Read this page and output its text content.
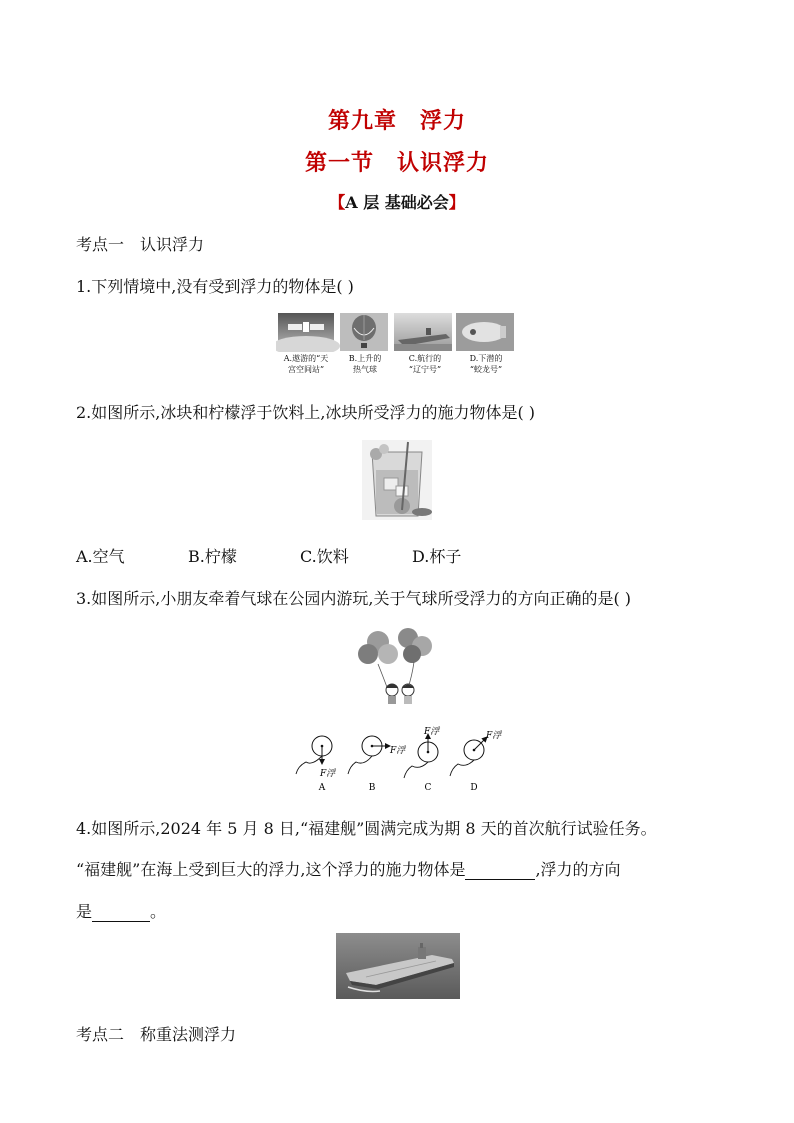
第九章　浮力
第一节　认识浮力
【A 层 基础必会】
考点一　认识浮力
1.下列情境中,没有受到浮力的物体是( )
A.遨游的“天
宫空间站”
B.上升的
热气球
C.航行的
“辽宁号”
D.下潜的
“蛟龙号”
2.如图所示,冰块和柠檬浮于饮料上,冰块所受浮力的施力物体是( )
A.空气	B.柠檬	C.饮料	D.杯子
3.如图所示,小朋友牵着气球在公园内游玩,关于气球所受浮力的方向正确的是( )
F浮
A
F浮
B
F浮
C
F浮
D
4.如图所示,2024 年 5 月 8 日,“福建舰”圆满完成为期 8 天的首次航行试验任务。
“福建舰”在海上受到巨大的浮力,这个浮力的施力物体是	,浮力的方向
是	。
考点二　称重法测浮力
